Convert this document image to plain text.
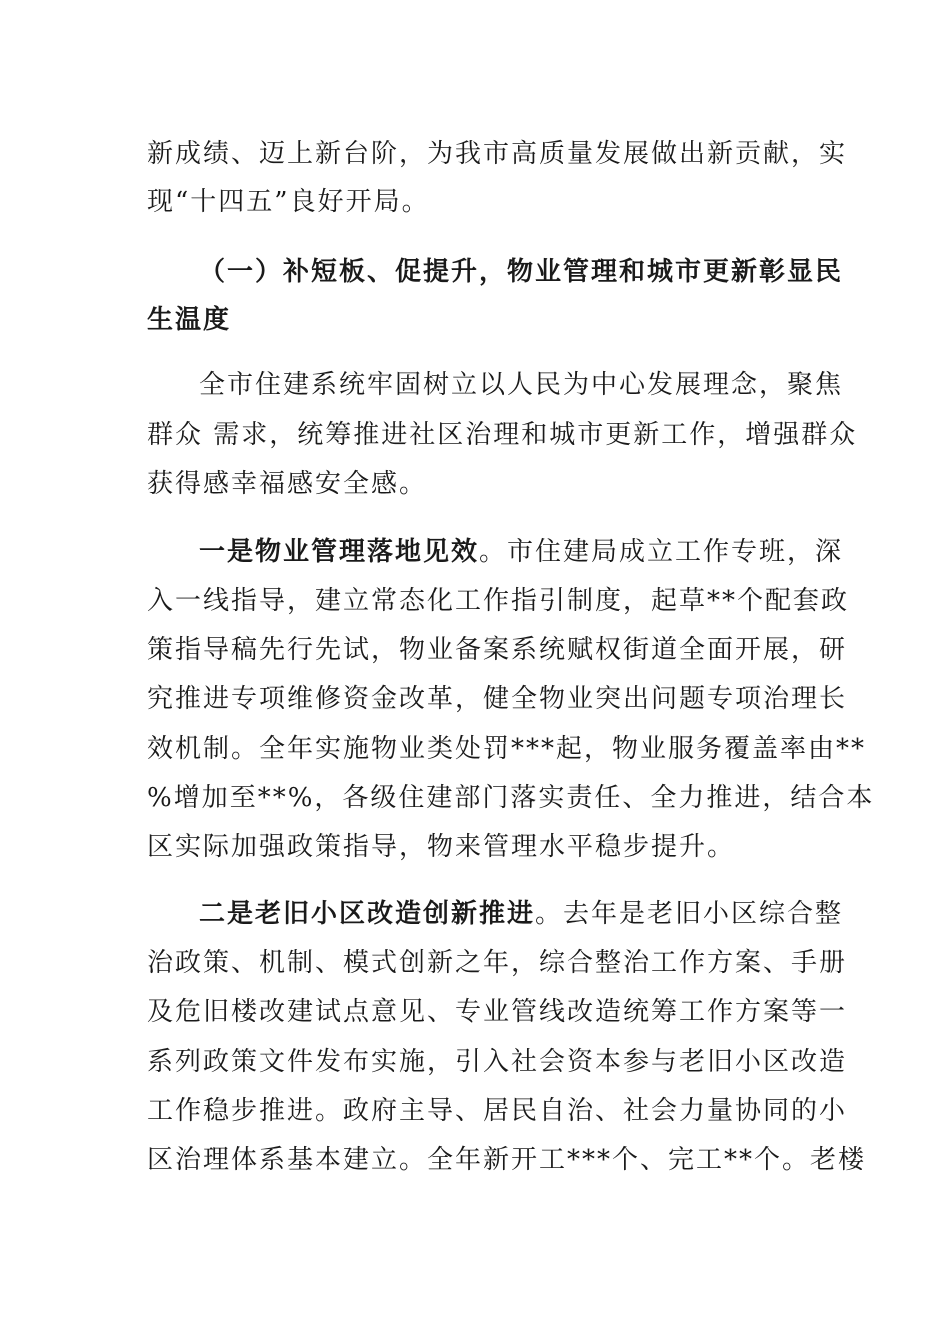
新成绩、迈上新台阶，为我市高质量发展做出新贡献，实
现“十四五”良好开局。
（一）补短板、促提升，物业管理和城市更新彰显民
生温度
全市住建系统牢固树立以人民为中心发展理念，聚焦
群众 需求，统筹推进社区治理和城市更新工作，增强群众
获得感幸福感安全感。
一是物业管理落地见效。市住建局成立工作专班，深
入一线指导，建立常态化工作指引制度，起草**个配套政
策指导稿先行先试，物业备案系统赋权街道全面开展，研
究推进专项维修资金改革，健全物业突出问题专项治理长
效机制。全年实施物业类处罚***起，物业服务覆盖率由**
%增加至**%，各级住建部门落实责任、全力推进，结合本
区实际加强政策指导，物来管理水平稳步提升。
二是老旧小区改造创新推进。去年是老旧小区综合整
治政策、机制、模式创新之年，综合整治工作方案、手册
及危旧楼改建试点意见、专业管线改造统筹工作方案等一
系列政策文件发布实施，引入社会资本参与老旧小区改造
工作稳步推进。政府主导、居民自治、社会力量协同的小
区治理体系基本建立。全年新开工***个、完工**个。老楼
